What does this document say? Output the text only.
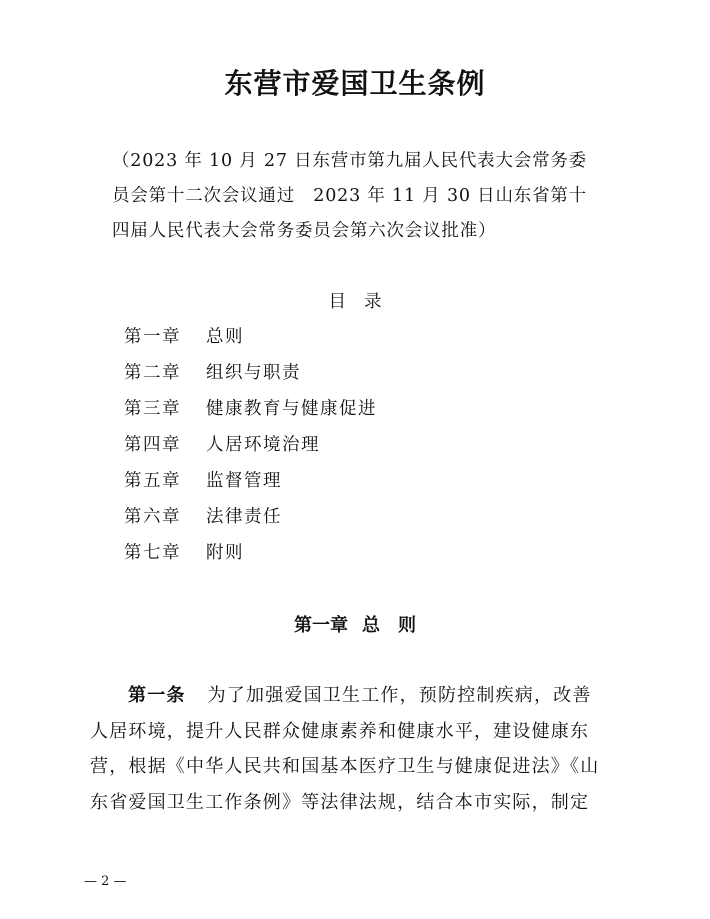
东营市爱国卫生条例
（2023 年 10 月 27 日东营市第九届人民代表大会常务委
员会第十二次会议通过　2023 年 11 月 30 日山东省第十
四届人民代表大会常务委员会第六次会议批准）
目录
第一章 总则
第二章 组织与职责
第三章 健康教育与健康促进
第四章 人居环境治理
第五章 监督管理
第六章 法律责任
第七章 附则
第一章 总　则
第一条 为了加强爱国卫生工作，预防控制疾病，改善
人居环境，提升人民群众健康素养和健康水平，建设健康东
营，根据《中华人民共和国基本医疗卫生与健康促进法》《山
东省爱国卫生工作条例》等法律法规，结合本市实际，制定
— 2 —
